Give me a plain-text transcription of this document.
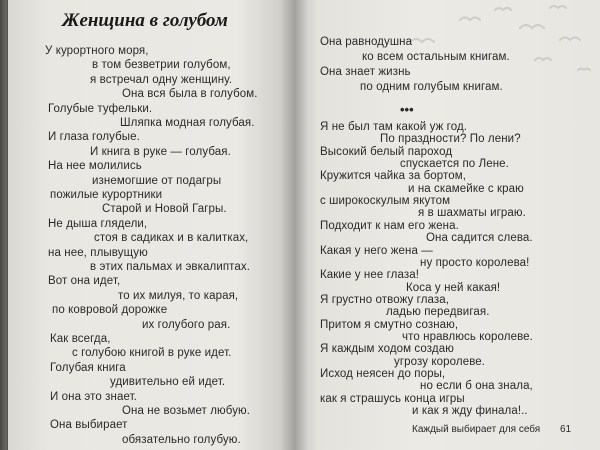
Женщина в голубом
У курортного моря,
в том безветрии голубом,
я встречал одну женщину.
Она вся была в голубом.
Голубые туфельки.
Шляпка модная голубая.
И глаза голубые.
И книга в руке — голубая.
На нее молились
изнемогшие от подагры
пожилые курортники
Старой и Новой Гагры.
Не дыша глядели,
стоя в садиках и в калитках,
на нее, плывущую
в этих пальмах и эвкалиптах.
Вот она идет,
то их милуя, то карая,
по ковровой дорожке
их голубого рая.
Как всегда,
с голубою книгой в руке идет.
Голубая книга
удивительно ей идет.
И она это знает.
Она не возьмет любую.
Она выбирает
обязательно голубую.
Она равнодушна
ко всем остальным книгам.
Она знает жизнь
по одним голубым книгам.
Я не был там какой уж год.
По праздности? По лени?
Высокий белый пароход
спускается по Лене.
Кружится чайка за бортом,
и на скамейке с краю
с широкоскулым якутом
я в шахматы играю.
Подходит к нам его жена.
Она садится слева.
Какая у него жена —
ну просто королева!
Какие у нее глаза!
Коса у ней какая!
Я грустно отвожу глаза,
ладью передвигая.
Притом я смутно сознаю,
что нравлюсь королеве.
Я каждым ходом создаю
угрозу королеве.
Исход неясен до поры,
но если б она знала,
как я страшусь конца игры
и как я жду финала!..
•••
Каждый выбирает для себя 61
